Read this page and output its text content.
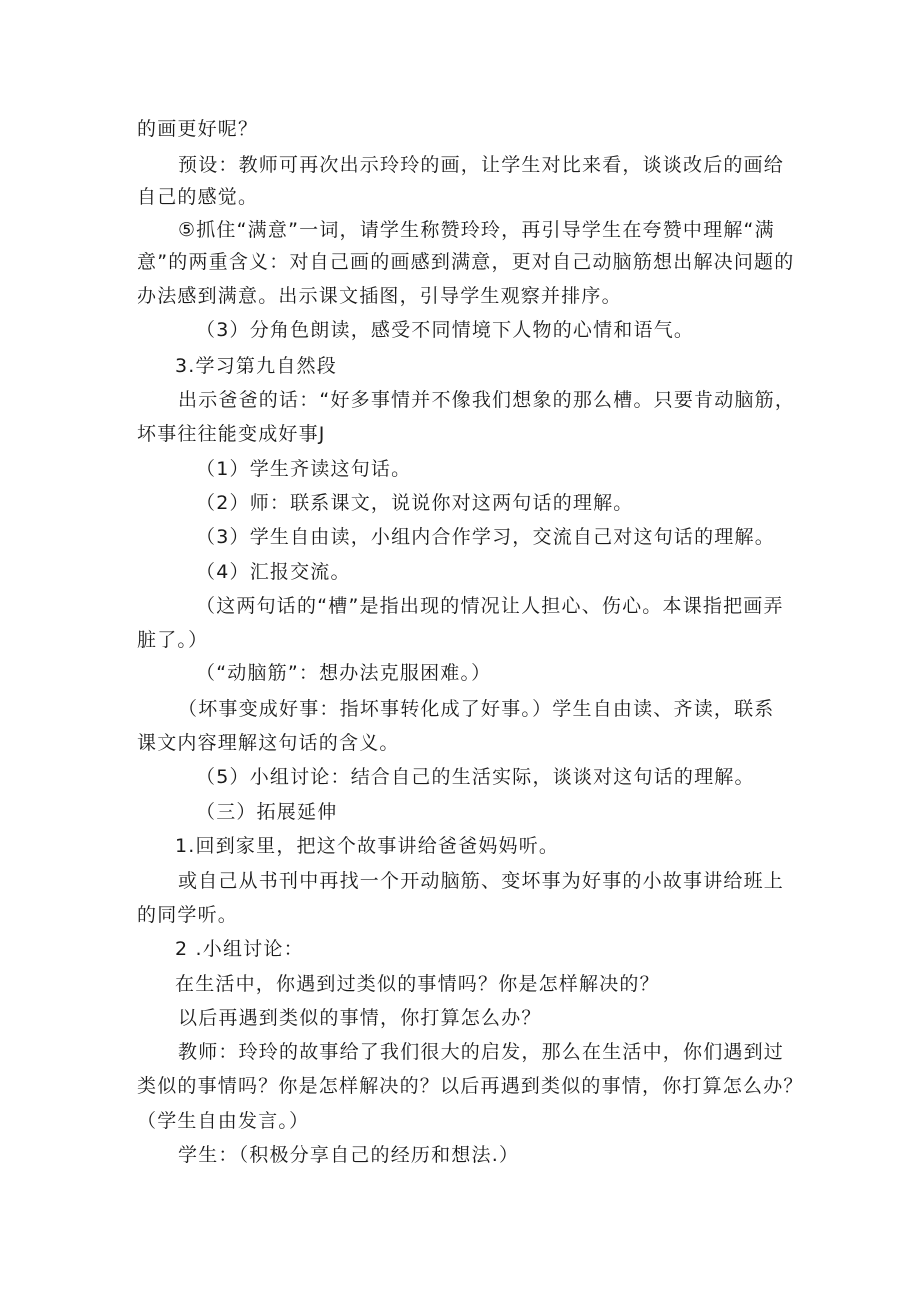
的画更好呢？
预设：教师可再次出示玲玲的画，让学生对比来看，谈谈改后的画给
自己的感觉。
⑤抓住“满意”一词，请学生称赞玲玲，再引导学生在夸赞中理解“满
意”的两重含义：对自己画的画感到满意，更对自己动脑筋想出解决问题的
办法感到满意。出示课文插图，引导学生观察并排序。
（3）分角色朗读，感受不同情境下人物的心情和语气。
3.学习第九自然段
出示爸爸的话：“好多事情并不像我们想象的那么槽。只要肯动脑筋，
坏事往往能变成好事J
（1）学生齐读这句话。
（2）师：联系课文，说说你对这两句话的理解。
（3）学生自由读，小组内合作学习，交流自己对这句话的理解。
（4）汇报交流。
（这两句话的“槽”是指出现的情况让人担心、伤心。本课指把画弄
脏了。）
（“动脑筋”：想办法克服困难。）
（坏事变成好事：指坏事转化成了好事。）学生自由读、齐读，联系
课文内容理解这句话的含义。
（5）小组讨论：结合自己的生活实际，谈谈对这句话的理解。
（三）拓展延伸
1.回到家里，把这个故事讲给爸爸妈妈听。
或自己从书刊中再找一个开动脑筋、变坏事为好事的小故事讲给班上
的同学听。
2 .小组讨论：
在生活中，你遇到过类似的事情吗？你是怎样解决的？
以后再遇到类似的事情，你打算怎么办？
教师：玲玲的故事给了我们很大的启发，那么在生活中，你们遇到过
类似的事情吗？你是怎样解决的？以后再遇到类似的事情，你打算怎么办？
（学生自由发言。）
学生：（积极分享自己的经历和想法.）
